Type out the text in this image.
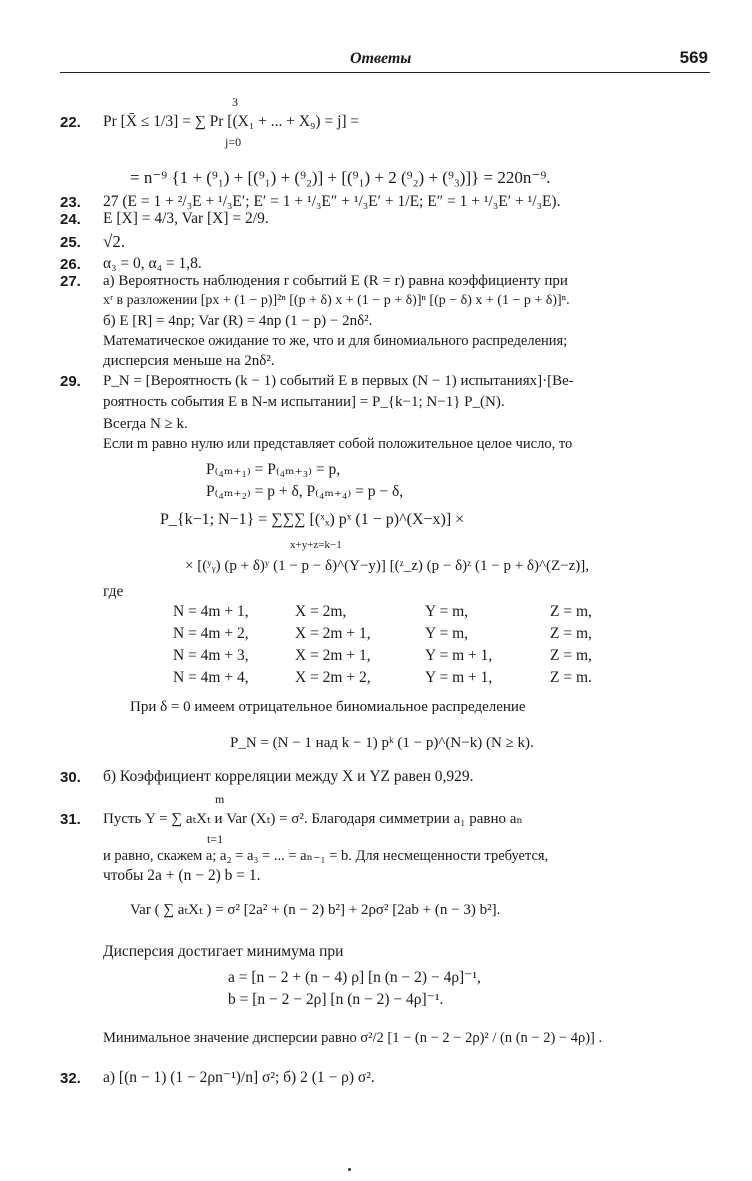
Ответы	569
22.
3
Pr [X̄ ≤ 1/3] = ∑ Pr [(X₁ + ... + X₉) = j] =
j=0
= n⁻⁹ {1 + (⁹₁) + [(⁹₁) + (⁹₂)] + [(⁹₁) + 2 (⁹₂) + (⁹₃)]} = 220n⁻⁹.
23. 27 (E = 1 + ²/₃E + ¹/₃E′; E′ = 1 + ¹/₃E″ + ¹/₃E′ + 1/E; E″ = 1 + ¹/₃E′ + ¹/₃E).
24. E [X] = 4/3, Var [X] = 2/9.
25. √2.
26. α₃ = 0, α₄ = 1,8.
27. а) Вероятность наблюдения r событий E (R = r) равна коэффициенту при
xʳ в разложении [px + (1 − p)]²ⁿ [(p + δ) x + (1 − p + δ)]ⁿ [(p − δ) x + (1 − p + δ)]ⁿ.
б) E [R] = 4np; Var (R) = 4np (1 − p) − 2nδ².
Математическое ожидание то же, что и для биномиального распределения;
дисперсия меньше на 2nδ².
29. P_N = [Вероятность (k − 1) событий E в первых (N − 1) испытаниях]·[Ве-
роятность события E в N-м испытании] = P_{k−1; N−1} P_(N).
Всегда N ≥ k.
Если m равно нулю или представляет собой положительное целое число, то
P₍₄ₘ₊₁₎ = P₍₄ₘ₊₃₎ = p,
P₍₄ₘ₊₂₎ = p + δ, P₍₄ₘ₊₄₎ = p − δ,
P_{k−1; N−1} = ∑∑∑ [(ˣₓ) pˣ (1 − p)^(X−x)] ×
x+y+z=k−1
× [(ʸᵧ) (p + δ)ʸ (1 − p − δ)^(Y−y)] [(ᶻ_z) (p − δ)ᶻ (1 − p + δ)^(Z−z)],
где
N = 4m + 1,	X = 2m,	Y = m,	Z = m,
N = 4m + 2,	X = 2m + 1,	Y = m,	Z = m,
N = 4m + 3,	X = 2m + 1,	Y = m + 1,	Z = m,
N = 4m + 4,	X = 2m + 2,	Y = m + 1,	Z = m.
При δ = 0 имеем отрицательное биномиальное распределение
P_N = (N − 1 над k − 1) pᵏ (1 − p)^(N−k) (N ≥ k).
30. б) Коэффициент корреляции между X и YZ равен 0,929.
31.
m
Пусть Y = ∑ aₜXₜ и Var (Xₜ) = σ². Благодаря симметрии a₁ равно aₙ
t=1
и равно, скажем a; a₂ = a₃ = ... = aₙ₋₁ = b. Для несмещенности требуется,
чтобы 2a + (n − 2) b = 1.
Var ( ∑ aₜXₜ ) = σ² [2a² + (n − 2) b²] + 2ρσ² [2ab + (n − 3) b²].
Дисперсия достигает минимума при
a = [n − 2 + (n − 4) ρ] [n (n − 2) − 4ρ]⁻¹,
b = [n − 2 − 2ρ] [n (n − 2) − 4ρ]⁻¹.
Минимальное значение дисперсии равно σ²/2 [1 − (n − 2 − 2ρ)² / (n (n − 2) − 4ρ)] .
32. а) [(n − 1) (1 − 2ρn⁻¹)/n] σ²; б) 2 (1 − ρ) σ².
